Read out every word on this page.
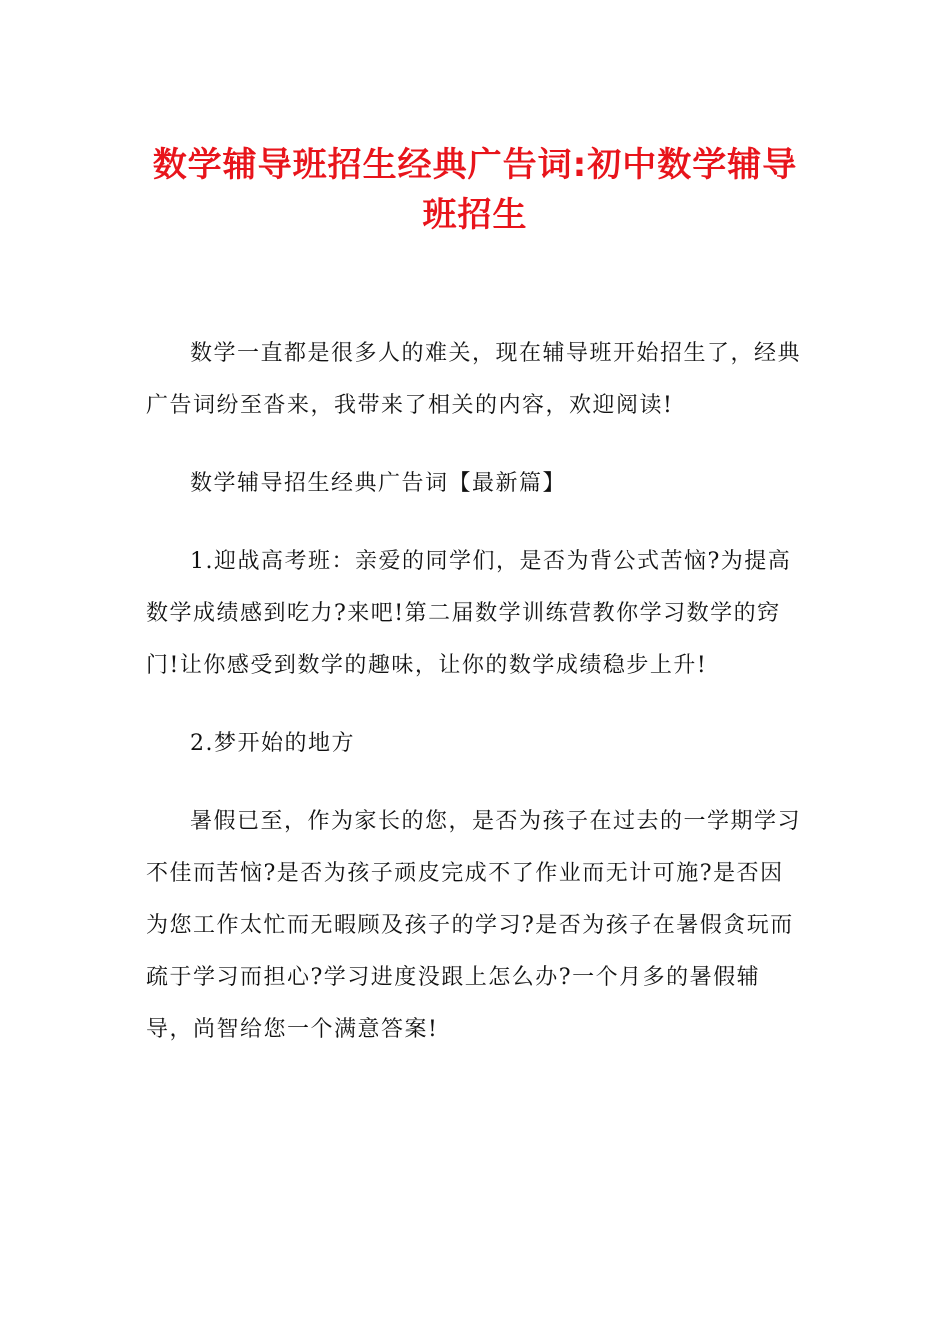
数学辅导班招生经典广告词:初中数学辅导班招生

数学一直都是很多人的难关，现在辅导班开始招生了，经典广告词纷至沓来，我带来了相关的内容，欢迎阅读!

数学辅导招生经典广告词【最新篇】

1.迎战高考班：亲爱的同学们，是否为背公式苦恼?为提高数学成绩感到吃力?来吧!第二届数学训练营教你学习数学的窍门!让你感受到数学的趣味，让你的数学成绩稳步上升!

2.梦开始的地方

暑假已至，作为家长的您，是否为孩子在过去的一学期学习不佳而苦恼?是否为孩子顽皮完成不了作业而无计可施?是否因为您工作太忙而无暇顾及孩子的学习?是否为孩子在暑假贪玩而疏于学习而担心?学习进度没跟上怎么办?一个月多的暑假辅导，尚智给您一个满意答案!
